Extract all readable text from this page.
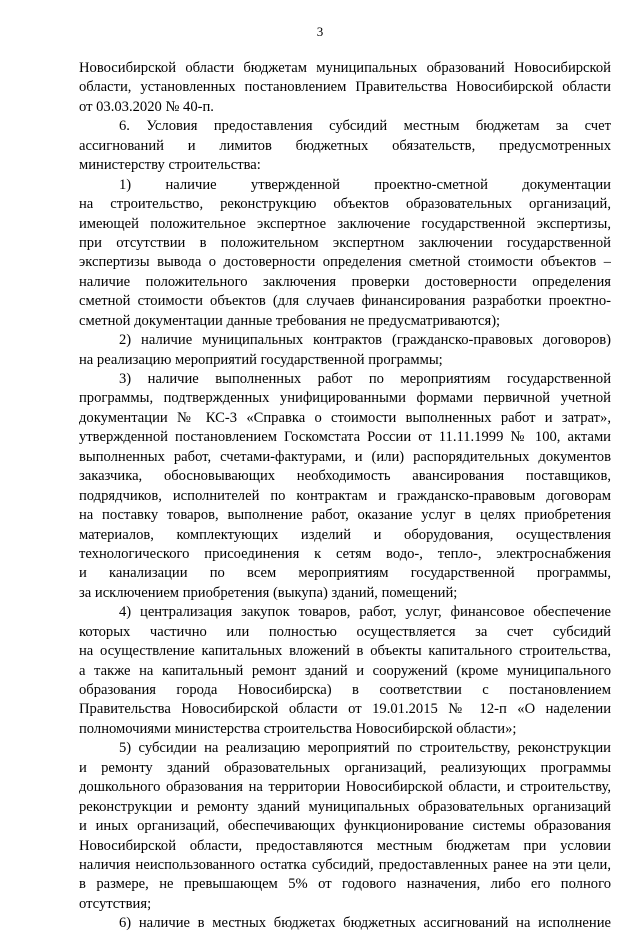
3
Новосибирской области бюджетам муниципальных образований Новосибирской
области, установленных постановлением Правительства Новосибирской области
от 03.03.2020 № 40-п.
6. Условия предоставления субсидий местным бюджетам за счет
ассигнований и лимитов бюджетных обязательств, предусмотренных
министерству строительства:
1) наличие утвержденной проектно-сметной документации
на строительство, реконструкцию объектов образовательных организаций,
имеющей положительное экспертное заключение государственной экспертизы,
при отсутствии в положительном экспертном заключении государственной
экспертизы вывода о достоверности определения сметной стоимости объектов –
наличие положительного заключения проверки достоверности определения
сметной стоимости объектов (для случаев финансирования разработки проектно-
сметной документации данные требования не предусматриваются);
2) наличие муниципальных контрактов (гражданско-правовых договоров)
на реализацию мероприятий государственной программы;
3) наличие выполненных работ по мероприятиям государственной
программы, подтвержденных унифицированными формами первичной учетной
документации № КС-3 «Справка о стоимости выполненных работ и затрат»,
утвержденной постановлением Госкомстата России от 11.11.1999 № 100, актами
выполненных работ, счетами-фактурами, и (или) распорядительных документов
заказчика, обосновывающих необходимость авансирования поставщиков,
подрядчиков, исполнителей по контрактам и гражданско-правовым договорам
на поставку товаров, выполнение работ, оказание услуг в целях приобретения
материалов, комплектующих изделий и оборудования, осуществления
технологического присоединения к сетям водо-, тепло-, электроснабжения
и канализации по всем мероприятиям государственной программы,
за исключением приобретения (выкупа) зданий, помещений;
4) централизация закупок товаров, работ, услуг, финансовое обеспечение
которых частично или полностью осуществляется за счет субсидий
на осуществление капитальных вложений в объекты капитального строительства,
а также на капитальный ремонт зданий и сооружений (кроме муниципального
образования города Новосибирска) в соответствии с постановлением
Правительства Новосибирской области от 19.01.2015 № 12-п «О наделении
полномочиями министерства строительства Новосибирской области»;
5) субсидии на реализацию мероприятий по строительству, реконструкции
и ремонту зданий образовательных организаций, реализующих программы
дошкольного образования на территории Новосибирской области, и строительству,
реконструкции и ремонту зданий муниципальных образовательных организаций
и иных организаций, обеспечивающих функционирование системы образования
Новосибирской области, предоставляются местным бюджетам при условии
наличия неиспользованного остатка субсидий, предоставленных ранее на эти цели,
в размере, не превышающем 5% от годового назначения, либо его полного
отсутствия;
6) наличие в местных бюджетах бюджетных ассигнований на исполнение
